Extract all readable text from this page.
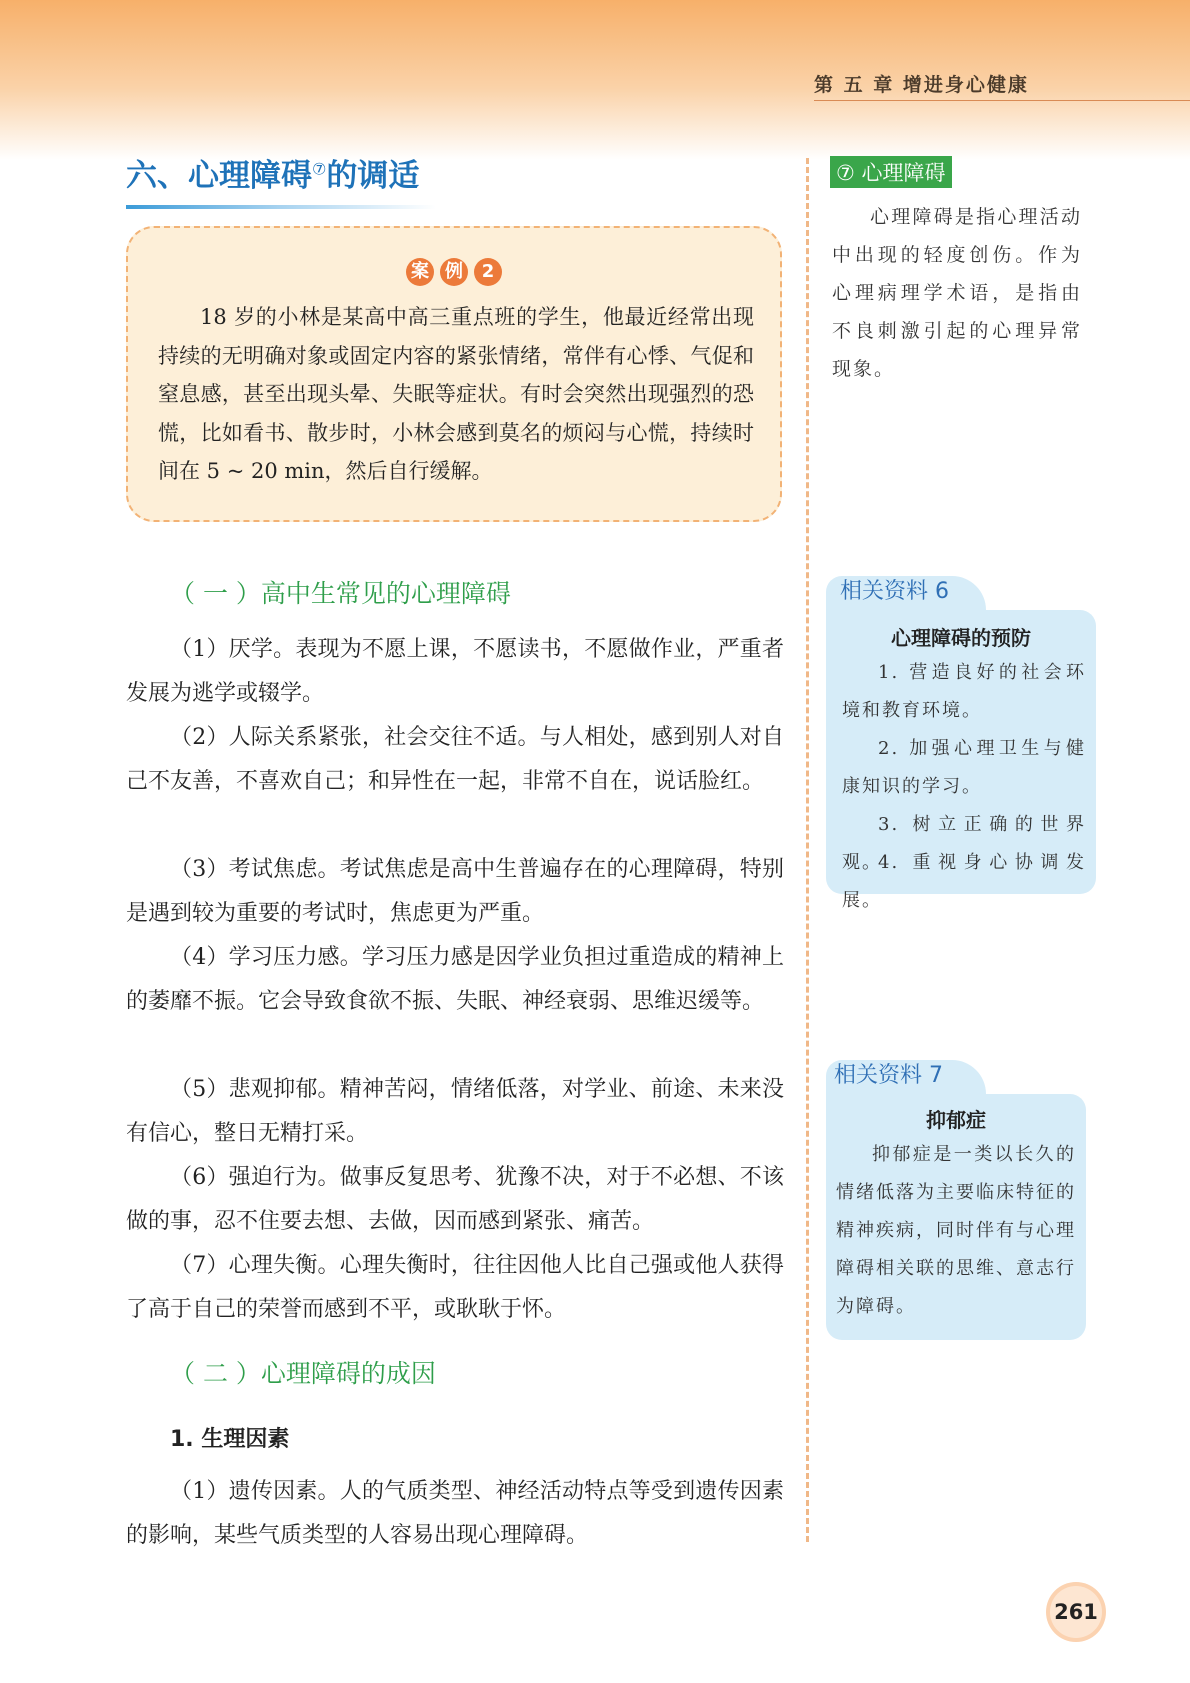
第 五 章 增进身心健康
六、心理障碍⑦的调适
案 例 2
18 岁的小林是某高中高三重点班的学生，他最近经常出现持续的无明确对象或固定内容的紧张情绪，常伴有心悸、气促和窒息感，甚至出现头晕、失眠等症状。有时会突然出现强烈的恐慌，比如看书、散步时，小林会感到莫名的烦闷与心慌，持续时间在 5 ~ 20 min，然后自行缓解。
（ 一 ）高中生常见的心理障碍
（1）厌学。表现为不愿上课，不愿读书，不愿做作业，严重者发展为逃学或辍学。
（2）人际关系紧张，社会交往不适。与人相处，感到别人对自己不友善，不喜欢自己；和异性在一起，非常不自在，说话脸红。
（3）考试焦虑。考试焦虑是高中生普遍存在的心理障碍，特别是遇到较为重要的考试时，焦虑更为严重。
（4）学习压力感。学习压力感是因学业负担过重造成的精神上的萎靡不振。它会导致食欲不振、失眠、神经衰弱、思维迟缓等。
（5）悲观抑郁。精神苦闷，情绪低落，对学业、前途、未来没有信心，整日无精打采。
（6）强迫行为。做事反复思考、犹豫不决，对于不必想、不该做的事，忍不住要去想、去做，因而感到紧张、痛苦。
（7）心理失衡。心理失衡时，往往因他人比自己强或他人获得了高于自己的荣誉而感到不平，或耿耿于怀。
（ 二 ）心理障碍的成因
1. 生理因素
（1）遗传因素。人的气质类型、神经活动特点等受到遗传因素的影响，某些气质类型的人容易出现心理障碍。
⑦ 心理障碍
心理障碍是指心理活动中出现的轻度创伤。作为心理病理学术语，是指由不良刺激引起的心理异常现象。
相关资料 6
心理障碍的预防
1. 营造良好的社会环境和教育环境。
2. 加强心理卫生与健康知识的学习。
3. 树立正确的世界观。
4. 重视身心协调发展。
相关资料 7
抑郁症
抑郁症是一类以长久的情绪低落为主要临床特征的精神疾病，同时伴有与心理障碍相关联的思维、意志行为障碍。
261
